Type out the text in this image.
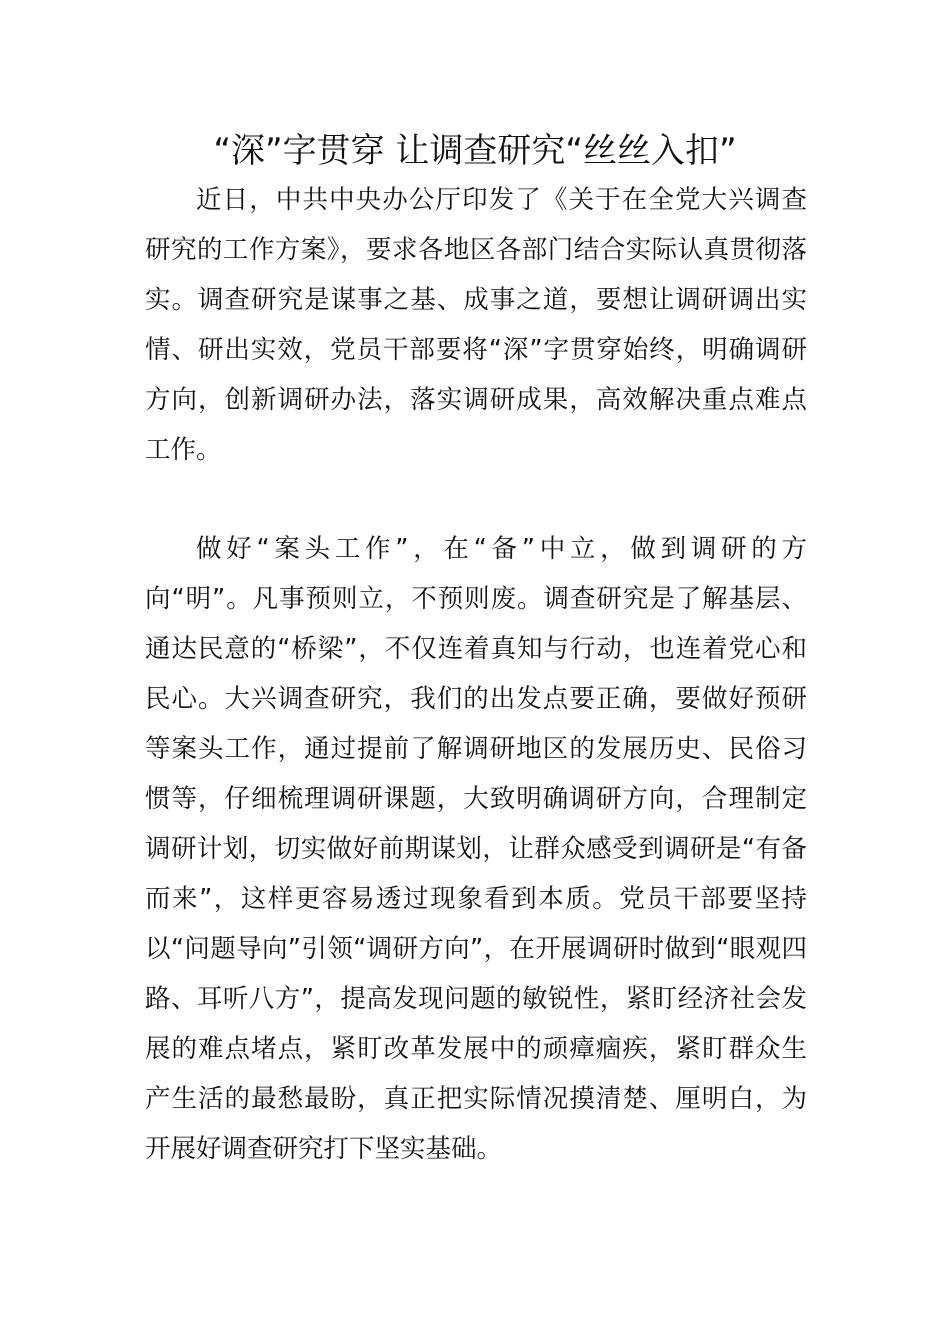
“深”字贯穿 让调查研究“丝丝入扣”

近日，中共中央办公厅印发了《关于在全党大兴调查研究的工作方案》，要求各地区各部门结合实际认真贯彻落实。调查研究是谋事之基、成事之道，要想让调研调出实情、研出实效，党员干部要将“深”字贯穿始终，明确调研方向，创新调研办法，落实调研成果，高效解决重点难点工作。

做好“案头工作”，在“备”中立，做到调研的方向“明”。凡事预则立，不预则废。调查研究是了解基层、通达民意的“桥梁”，不仅连着真知与行动，也连着党心和民心。大兴调查研究，我们的出发点要正确，要做好预研等案头工作，通过提前了解调研地区的发展历史、民俗习惯等，仔细梳理调研课题，大致明确调研方向，合理制定调研计划，切实做好前期谋划，让群众感受到调研是“有备而来”，这样更容易透过现象看到本质。党员干部要坚持以“问题导向”引领“调研方向”，在开展调研时做到“眼观四路、耳听八方”，提高发现问题的敏锐性，紧盯经济社会发展的难点堵点，紧盯改革发展中的顽瘴痼疾，紧盯群众生产生活的最愁最盼，真正把实际情况摸清楚、厘明白，为开展好调查研究打下坚实基础。
